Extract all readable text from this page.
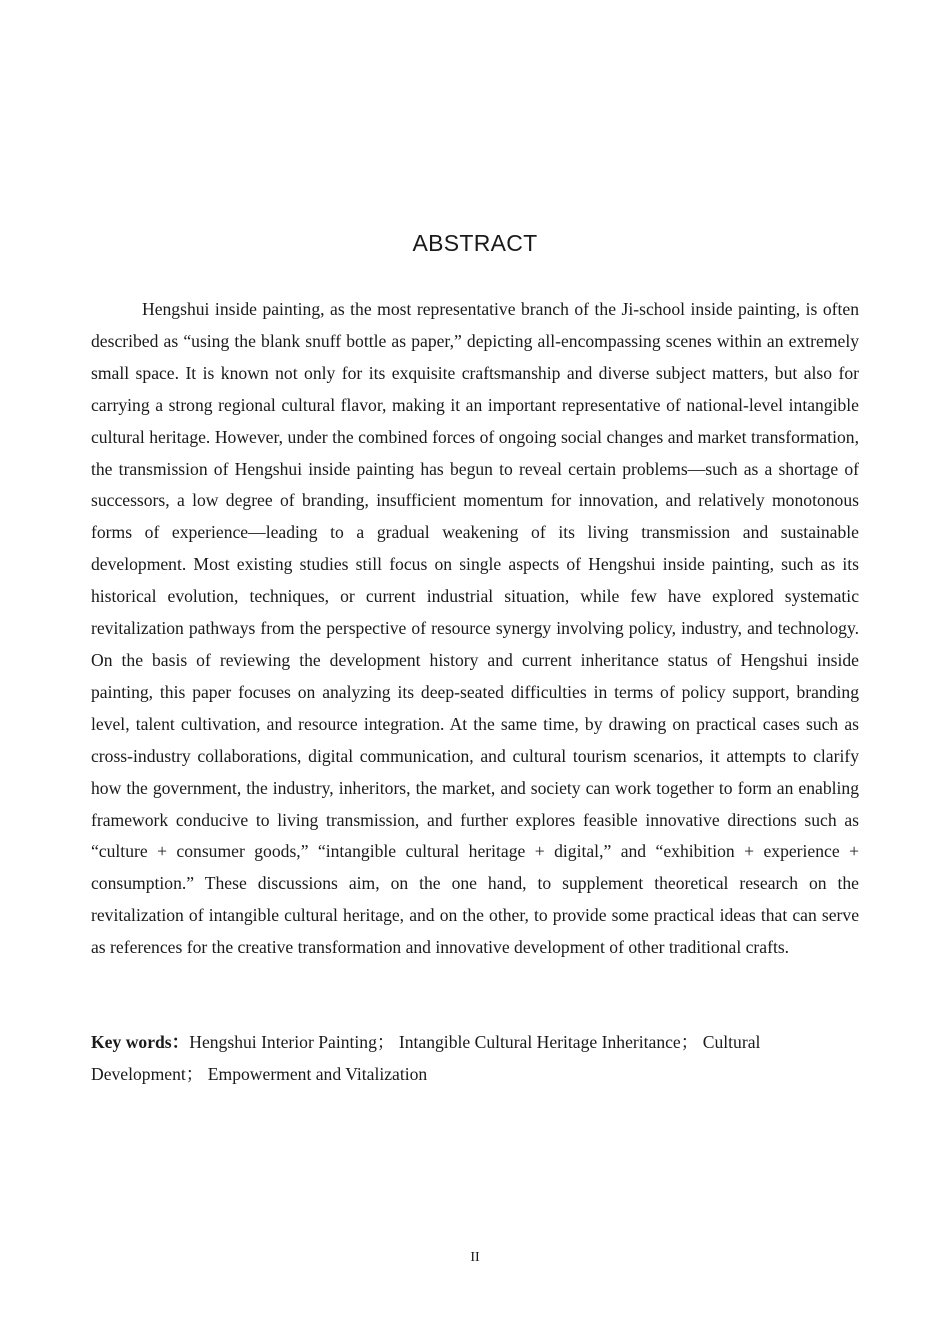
ABSTRACT

Hengshui inside painting, as the most representative branch of the Ji-school inside painting, is often described as “using the blank snuff bottle as paper,” depicting all-encompassing scenes within an extremely small space. It is known not only for its exquisite craftsmanship and diverse subject matters, but also for carrying a strong regional cultural flavor, making it an important representative of national-level intangible cultural heritage. However, under the combined forces of ongoing social changes and market transformation, the transmission of Hengshui inside painting has begun to reveal certain problems—such as a shortage of successors, a low degree of branding, insufficient momentum for innovation, and relatively monotonous forms of experience—leading to a gradual weakening of its living transmission and sustainable development. Most existing studies still focus on single aspects of Hengshui inside painting, such as its historical evolution, techniques, or current industrial situation, while few have explored systematic revitalization pathways from the perspective of resource synergy involving policy, industry, and technology. On the basis of reviewing the development history and current inheritance status of Hengshui inside painting, this paper focuses on analyzing its deep-seated difficulties in terms of policy support, branding level, talent cultivation, and resource integration. At the same time, by drawing on practical cases such as cross-industry collaborations, digital communication, and cultural tourism scenarios, it attempts to clarify how the government, the industry, inheritors, the market, and society can work together to form an enabling framework conducive to living transmission, and further explores feasible innovative directions such as “culture + consumer goods,” “intangible cultural heritage + digital,” and “exhibition + experience + consumption.” These discussions aim, on the one hand, to supplement theoretical research on the revitalization of intangible cultural heritage, and on the other, to provide some practical ideas that can serve as references for the creative transformation and innovative development of other traditional crafts.

Key words：Hengshui Interior Painting； Intangible Cultural Heritage Inheritance； Cultural Development； Empowerment and Vitalization

II
